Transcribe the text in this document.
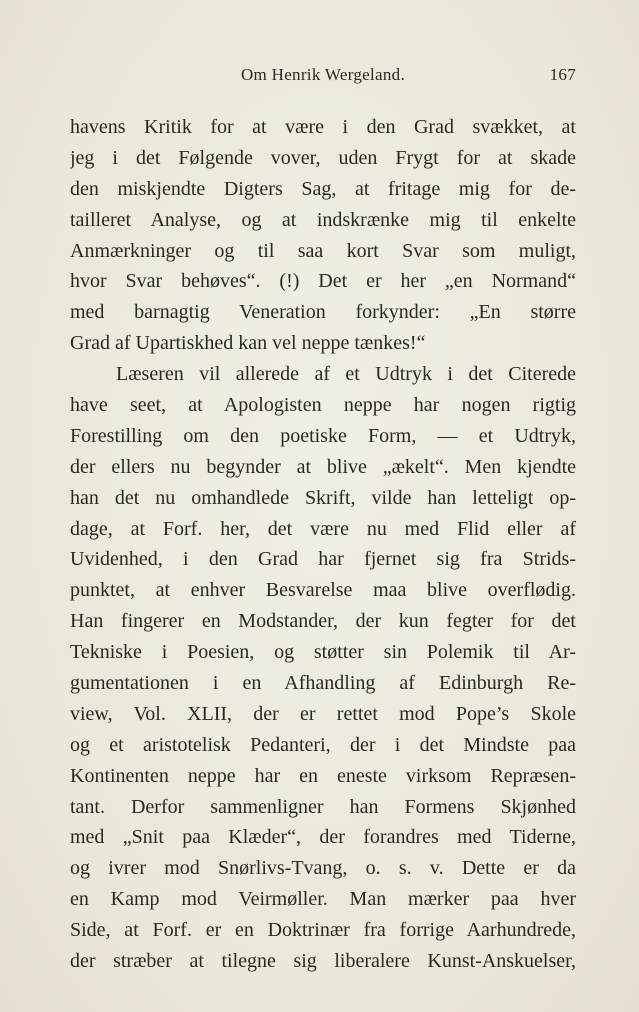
Om Henrik Wergeland.	167
havens Kritik for at være i den Grad svækket, at
jeg i det Følgende vover, uden Frygt for at skade
den miskjendte Digters Sag, at fritage mig for de-
tailleret Analyse, og at indskrænke mig til enkelte
Anmærkninger og til saa kort Svar som muligt,
hvor Svar behøves“. (!) Det er her „en Normand“
med barnagtig Veneration forkynder: „En større
Grad af Upartiskhed kan vel neppe tænkes!“
Læseren vil allerede af et Udtryk i det Citerede
have seet, at Apologisten neppe har nogen rigtig
Forestilling om den poetiske Form, — et Udtryk,
der ellers nu begynder at blive „ækelt“. Men kjendte
han det nu omhandlede Skrift, vilde han letteligt op-
dage, at Forf. her, det være nu med Flid eller af
Uvidenhed, i den Grad har fjernet sig fra Strids-
punktet, at enhver Besvarelse maa blive overflødig.
Han fingerer en Modstander, der kun fegter for det
Tekniske i Poesien, og støtter sin Polemik til Ar-
gumentationen i en Afhandling af Edinburgh Re-
view, Vol. XLII, der er rettet mod Pope’s Skole
og et aristotelisk Pedanteri, der i det Mindste paa
Kontinenten neppe har en eneste virksom Repræsen-
tant. Derfor sammenligner han Formens Skjønhed
med „Snit paa Klæder“, der forandres med Tiderne,
og ivrer mod Snørlivs-Tvang, o. s. v. Dette er da
en Kamp mod Veirmøller. Man mærker paa hver
Side, at Forf. er en Doktrinær fra forrige Aarhundrede,
der stræber at tilegne sig liberalere Kunst-Anskuelser,
